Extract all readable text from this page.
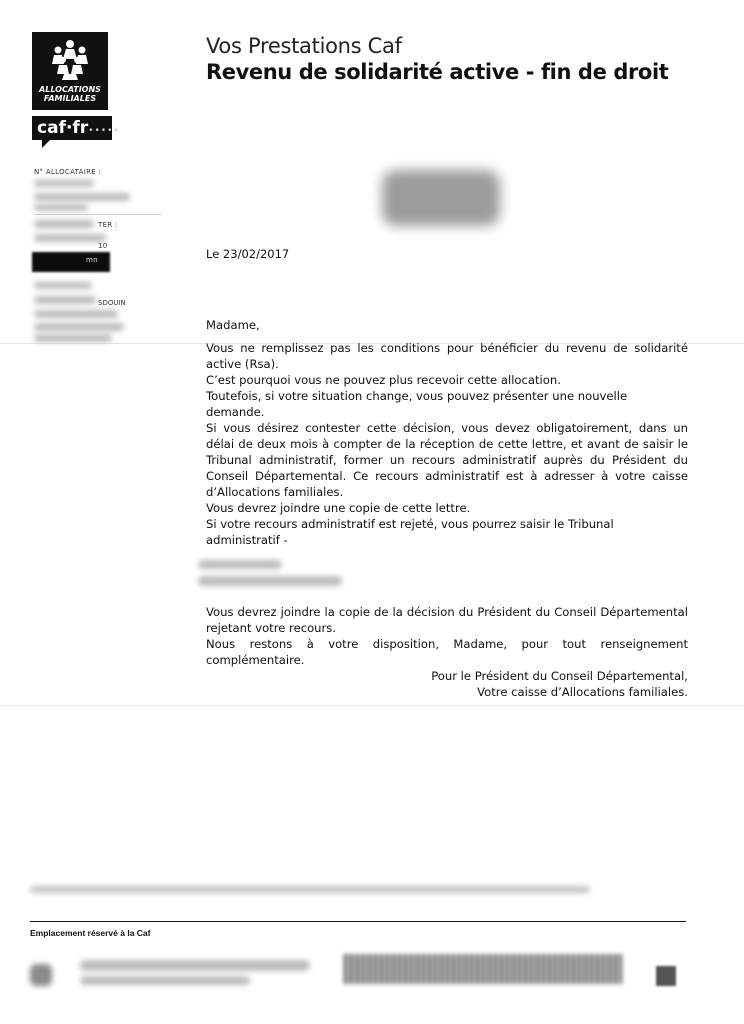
ALLOCATIONS
FAMILIALES
caf·fr•••••
N° ALLOCATAIRE :
TER :
10
mn
SDOUIN
Vos Prestations Caf
Revenu de solidarité active - fin de droit
Le 23/02/2017

Madame,

Vous ne remplissez pas les conditions pour bénéficier du revenu de solidarité active (Rsa).

C’est pourquoi vous ne pouvez plus recevoir cette allocation.

Toutefois, si votre situation change, vous pouvez présenter une nouvelle demande.

Si vous désirez contester cette décision, vous devez obligatoirement, dans un délai de deux mois à compter de la réception de cette lettre, et avant de saisir le Tribunal administratif, former un recours administratif auprès du Président du Conseil Départemental. Ce recours administratif est à adresser à votre caisse d’Allocations familiales.

Vous devrez joindre une copie de cette lettre.

Si votre recours administratif est rejeté, vous pourrez saisir le Tribunal administratif -

Vous devrez joindre la copie de la décision du Président du Conseil Départemental rejetant votre recours.

Nous restons à votre disposition, Madame, pour tout renseignement complémentaire.

Pour le Président du Conseil Départemental,

Votre caisse d’Allocations familiales.

Emplacement réservé à la Caf
